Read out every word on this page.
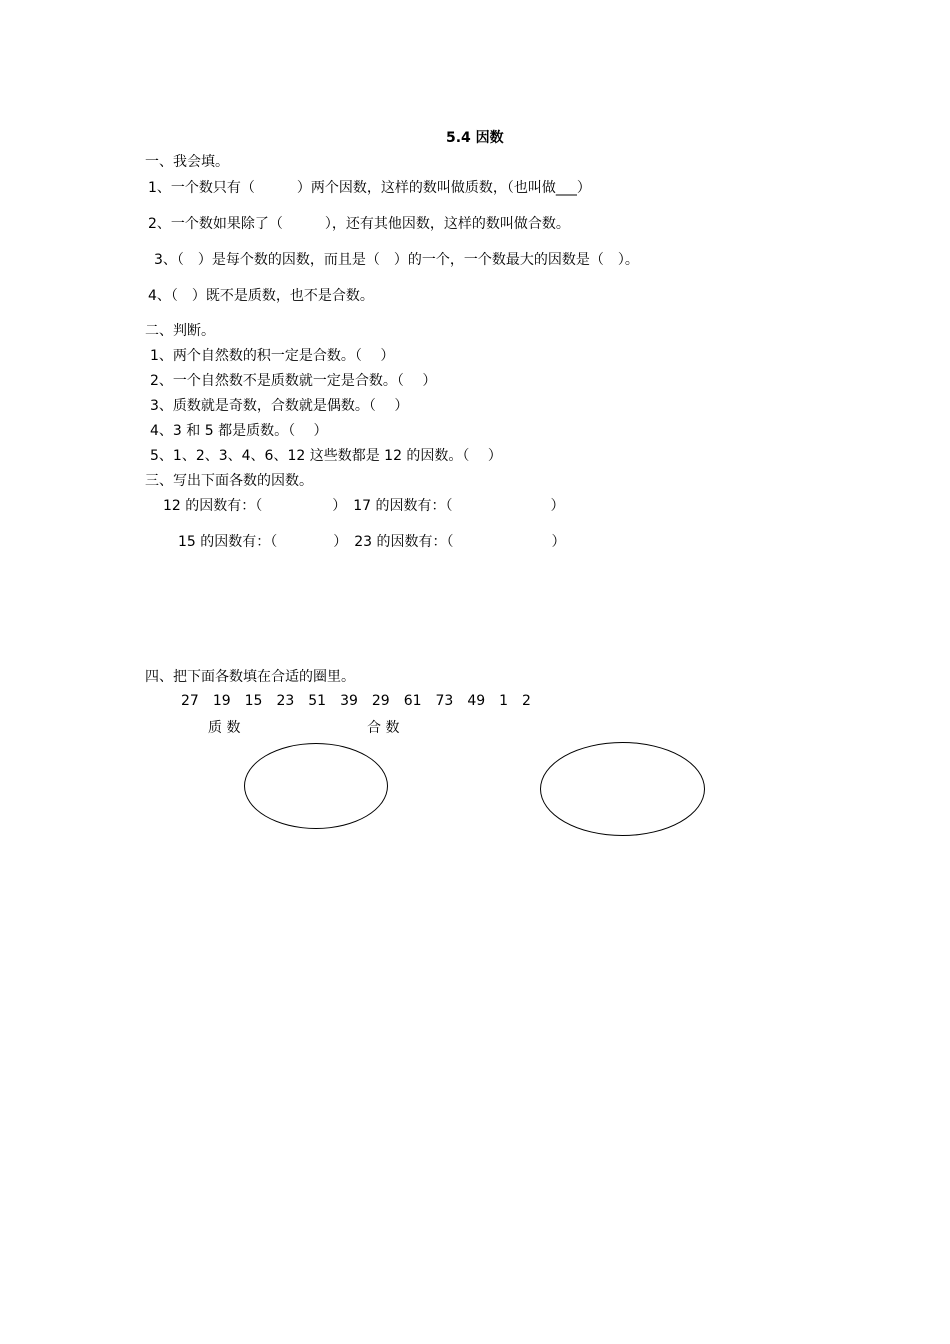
5.4 因数
一、我会填。
1、一个数只有（　　　）两个因数，这样的数叫做质数，（也叫做___）
2、一个数如果除了（　　　），还有其他因数，这样的数叫做合数。
3、（　）是每个数的因数，而且是（　）的一个，一个数最大的因数是（　）。
4、（　）既不是质数，也不是合数。
二、判断。
1、两个自然数的积一定是合数。（　 ）
2、一个自然数不是质数就一定是合数。（　 ）
3、质数就是奇数，合数就是偶数。（　 ）
4、3 和 5 都是质数。（　 ）
5、1、2、3、4、6、12 这些数都是 12 的因数。（　 ）
三、写出下面各数的因数。
12 的因数有：（　　　　　）　17 的因数有：（　　　　　　　）
15 的因数有：（　　　　）　23 的因数有：（　　　　　　　）
四、把下面各数填在合适的圈里。
27　19　15　23　51　39　29　61　73　49　1　2
质 数	合 数
